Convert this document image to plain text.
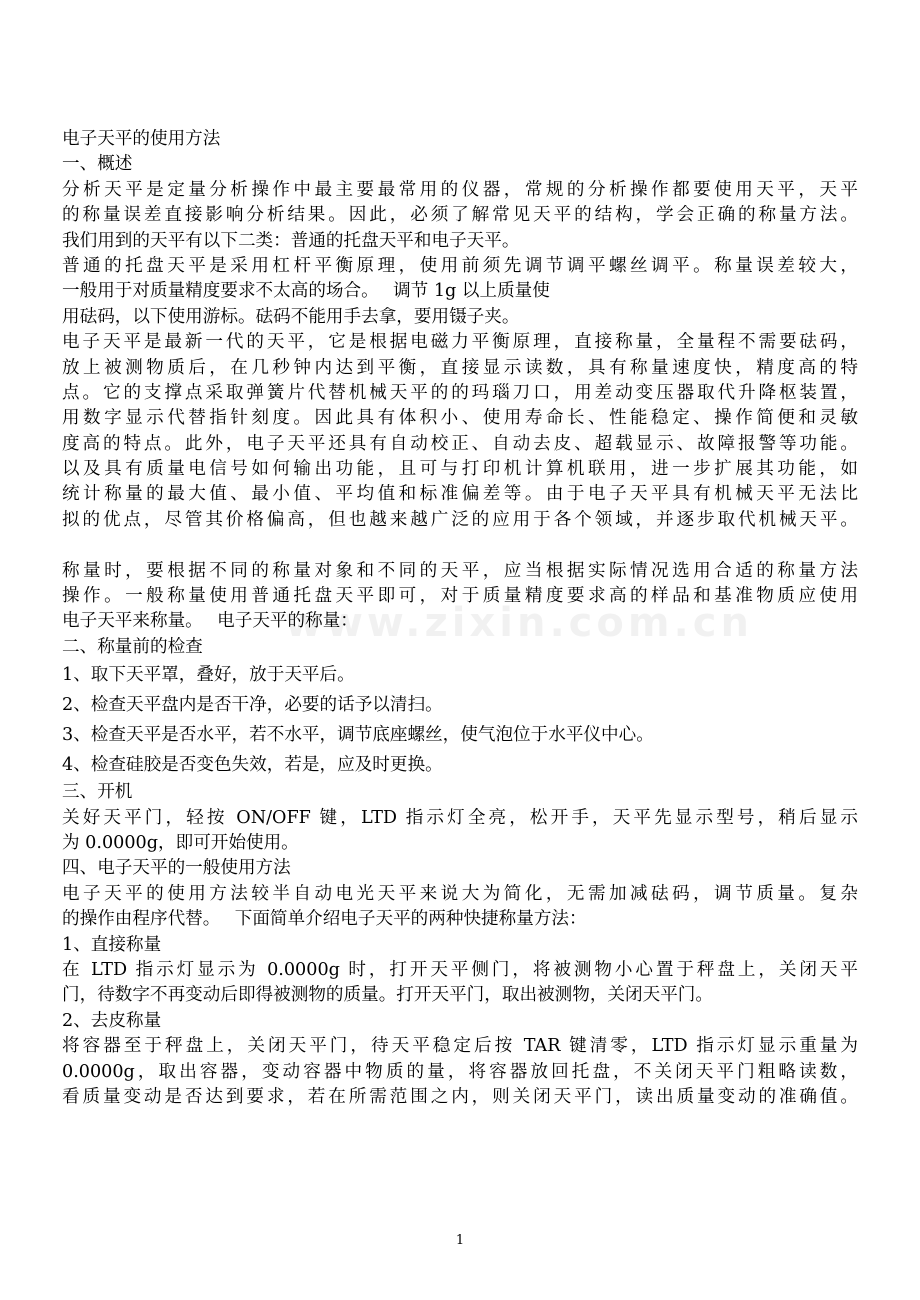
www.zixin.com.cn
电子天平的使用方法
一、概述
分析天平是定量分析操作中最主要最常用的仪器，常规的分析操作都要使用天平，天平
的称量误差直接影响分析结果。因此，必须了解常见天平的结构，学会正确的称量方法。
我们用到的天平有以下二类：普通的托盘天平和电子天平。
普通的托盘天平是采用杠杆平衡原理，使用前须先调节调平螺丝调平。称量误差较大，
一般用于对质量精度要求不太高的场合。　 调节 1g 以上质量使
用砝码，以下使用游标。砝码不能用手去拿，要用镊子夹。
电子天平是最新一代的天平，它是根据电磁力平衡原理，直接称量，全量程不需要砝码，
放上被测物质后，在几秒钟内达到平衡，直接显示读数，具有称量速度快，精度高的特
点。它的支撑点采取弹簧片代替机械天平的的玛瑙刀口，用差动变压器取代升降枢装置，
用数字显示代替指针刻度。因此具有体积小、使用寿命长、性能稳定、操作简便和灵敏
度高的特点。此外，电子天平还具有自动校正、自动去皮、超载显示、故障报警等功能。
以及具有质量电信号如何输出功能，且可与打印机计算机联用，进一步扩展其功能，如
统计称量的最大值、最小值、平均值和标准偏差等。由于电子天平具有机械天平无法比
拟的优点，尽管其价格偏高，但也越来越广泛的应用于各个领域，并逐步取代机械天平。
称量时，要根据不同的称量对象和不同的天平，应当根据实际情况选用合适的称量方法
操作。一般称量使用普通托盘天平即可，对于质量精度要求高的样品和基准物质应使用
电子天平来称量。　 电子天平的称量：
二、称量前的检查
1、取下天平罩，叠好，放于天平后。
2、检查天平盘内是否干净，必要的话予以清扫。
3、检查天平是否水平，若不水平，调节底座螺丝，使气泡位于水平仪中心。
4、检查硅胶是否变色失效，若是，应及时更换。
三、开机
关好天平门，轻按 ON/OFF 键，LTD 指示灯全亮，松开手，天平先显示型号，稍后显示
为 0.0000g，即可开始使用。
四、电子天平的一般使用方法
电子天平的使用方法较半自动电光天平来说大为简化，无需加减砝码，调节质量。复杂
的操作由程序代替。　 下面简单介绍电子天平的两种快捷称量方法：
1、直接称量
在 LTD 指示灯显示为 0.0000g 时，打开天平侧门，将被测物小心置于秤盘上，关闭天平
门，待数字不再变动后即得被测物的质量。打开天平门，取出被测物，关闭天平门。
2、去皮称量
将容器至于秤盘上，关闭天平门，待天平稳定后按 TAR 键清零，LTD 指示灯显示重量为
0.0000g，取出容器，变动容器中物质的量，将容器放回托盘，不关闭天平门粗略读数，
看质量变动是否达到要求，若在所需范围之内，则关闭天平门，读出质量变动的准确值。
1
